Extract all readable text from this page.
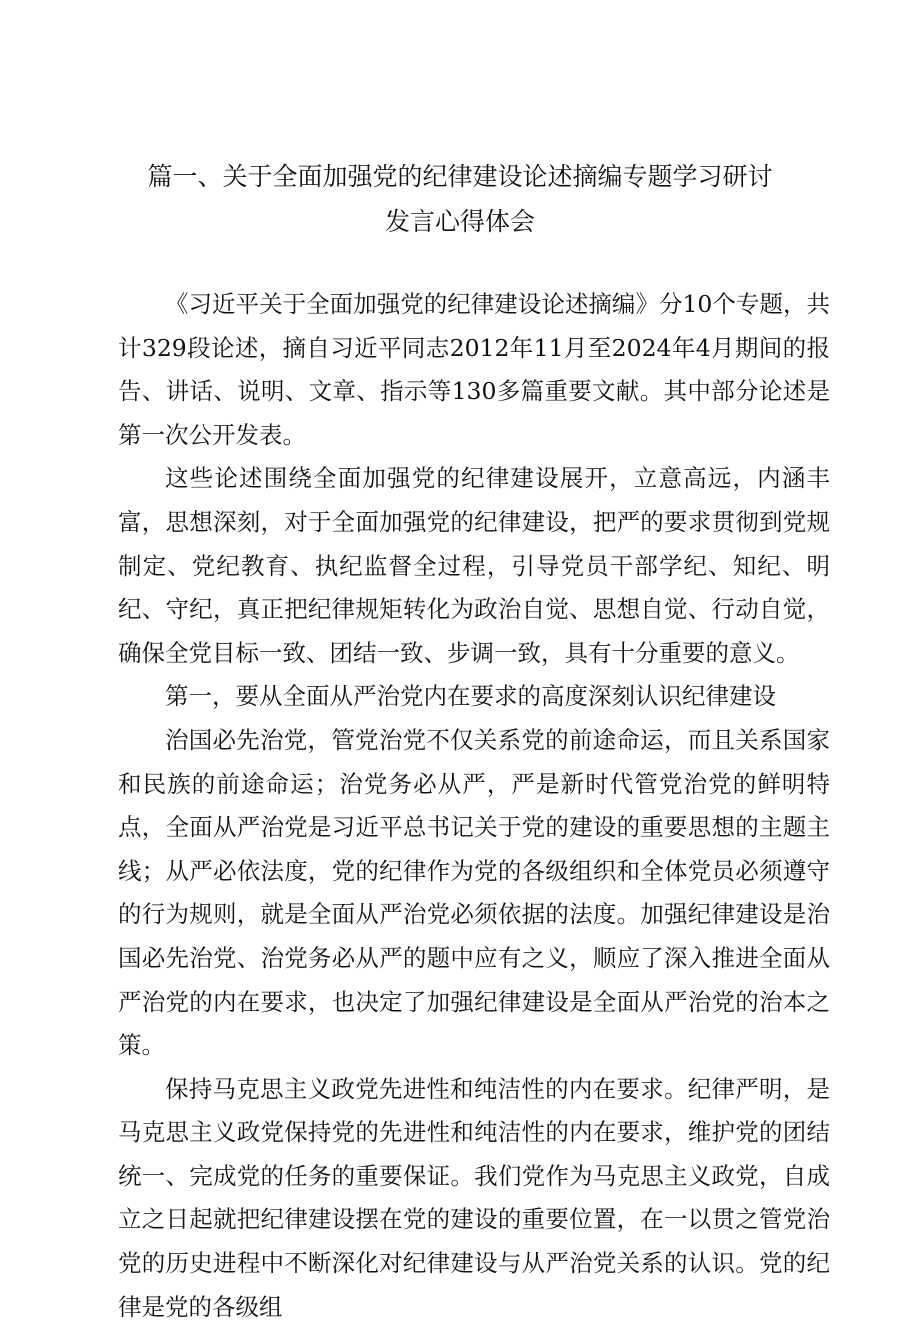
篇一、关于全面加强党的纪律建设论述摘编专题学习研讨
发言心得体会

《习近平关于全面加强党的纪律建设论述摘编》分10个专题，共计329段论述，摘自习近平同志2012年11月至2024年4月期间的报告、讲话、说明、文章、指示等130多篇重要文献。其中部分论述是第一次公开发表。

这些论述围绕全面加强党的纪律建设展开，立意高远，内涵丰富，思想深刻，对于全面加强党的纪律建设，把严的要求贯彻到党规制定、党纪教育、执纪监督全过程，引导党员干部学纪、知纪、明纪、守纪，真正把纪律规矩转化为政治自觉、思想自觉、行动自觉，确保全党目标一致、团结一致、步调一致，具有十分重要的意义。

第一，要从全面从严治党内在要求的高度深刻认识纪律建设

治国必先治党，管党治党不仅关系党的前途命运，而且关系国家和民族的前途命运；治党务必从严，严是新时代管党治党的鲜明特点，全面从严治党是习近平总书记关于党的建设的重要思想的主题主线；从严必依法度，党的纪律作为党的各级组织和全体党员必须遵守的行为规则，就是全面从严治党必须依据的法度。加强纪律建设是治国必先治党、治党务必从严的题中应有之义，顺应了深入推进全面从严治党的内在要求，也决定了加强纪律建设是全面从严治党的治本之策。

保持马克思主义政党先进性和纯洁性的内在要求。纪律严明，是马克思主义政党保持党的先进性和纯洁性的内在要求，维护党的团结统一、完成党的任务的重要保证。我们党作为马克思主义政党，自成立之日起就把纪律建设摆在党的建设的重要位置，在一以贯之管党治党的历史进程中不断深化对纪律建设与从严治党关系的认识。党的纪律是党的各级组
